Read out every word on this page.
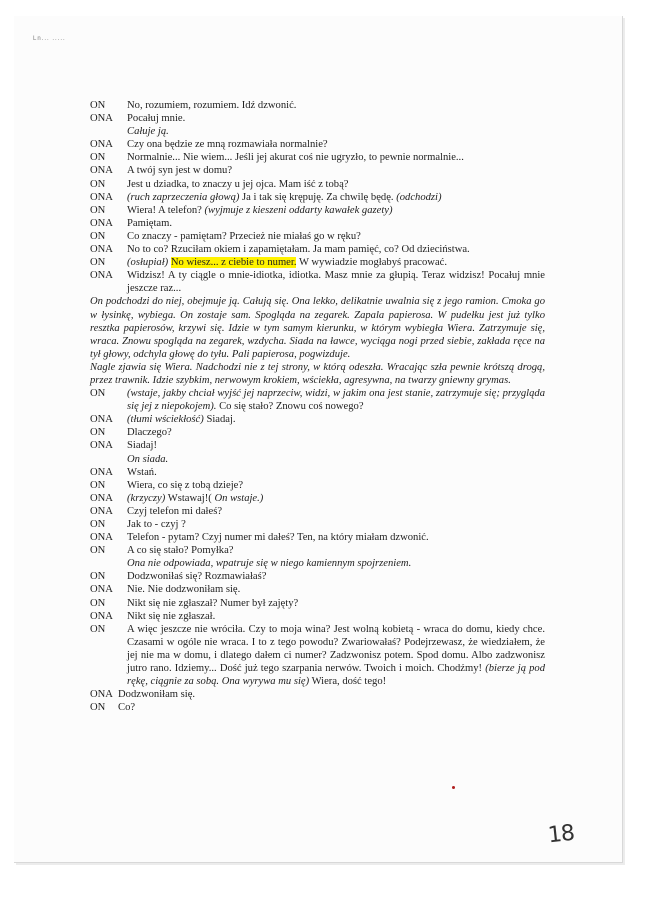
Ln... .....
ON	No, rozumiem, rozumiem. Idź dzwonić.
ONA	Pocałuj mnie.
Całuje ją.
ONA	Czy ona będzie ze mną rozmawiała normalnie?
ON	Normalnie... Nie wiem... Jeśli jej akurat coś nie ugryzło, to pewnie normalnie...
ONA	A twój syn jest w domu?
ON	Jest u dziadka, to znaczy u jej ojca. Mam iść z tobą?
ONA	(ruch zaprzeczenia głową) Ja i tak się krępuję. Za chwilę będę. (odchodzi)
ON	Wiera! A telefon? (wyjmuje z kieszeni oddarty kawałek gazety)
ONA	Pamiętam.
ON	Co znaczy - pamiętam? Przecież nie miałaś go w ręku?
ONA	No to co? Rzuciłam okiem i zapamiętałam. Ja mam pamięć, co? Od dzieciństwa.
ON	(osłupiał) No wiesz... z ciebie to numer. W wywiadzie mogłabyś pracować.
ONA	Widzisz! A ty ciągle o mnie-idiotka, idiotka. Masz mnie za głupią. Teraz widzisz! Pocałuj mnie jeszcze raz...
On podchodzi do niej, obejmuje ją. Całują się. Ona lekko, delikatnie uwalnia się z jego ramion. Cmoka go w łysinkę, wybiega. On zostaje sam. Spogląda na zegarek. Zapala papierosa. W pudełku jest już tylko resztka papierosów, krzywi się. Idzie w tym samym kierunku, w którym wybiegła Wiera. Zatrzymuje się, wraca. Znowu spogląda na zegarek, wzdycha. Siada na ławce, wyciąga nogi przed siebie, zakłada ręce na tył głowy, odchyla głowę do tyłu. Pali papierosa, pogwizduje.
Nagle zjawia się Wiera. Nadchodzi nie z tej strony, w którą odeszła. Wracając szła pewnie krótszą drogą, przez trawnik. Idzie szybkim, nerwowym krokiem, wściekła, agresywna, na twarzy gniewny grymas.
ON	(wstaje, jakby chciał wyjść jej naprzeciw, widzi, w jakim ona jest stanie, zatrzymuje się; przygląda się jej z niepokojem). Co się stało? Znowu coś nowego?
ONA	(tłumi wściekłość) Siadaj.
ON	Dlaczego?
ONA	Siadaj!
On siada.
ONA	Wstań.
ON	Wiera, co się z tobą dzieje?
ONA	(krzyczy) Wstawaj!( On wstaje.)
ONA	Czyj telefon mi dałeś?
ON	Jak to - czyj ?
ONA	Telefon - pytam? Czyj numer mi dałeś? Ten, na który miałam dzwonić.
ON	A co się stało? Pomyłka?
Ona nie odpowiada, wpatruje się w niego kamiennym spojrzeniem.
ON	Dodzwoniłaś się? Rozmawiałaś?
ONA	Nie. Nie dodzwoniłam się.
ON	Nikt się nie zgłaszał? Numer był zajęty?
ONA	Nikt się nie zgłaszał.
ON	A więc jeszcze nie wróciła. Czy to moja wina? Jest wolną kobietą - wraca do domu, kiedy chce. Czasami w ogóle nie wraca. I to z tego powodu? Zwariowałaś? Podejrzewasz, że wiedziałem, że jej nie ma w domu, i dlatego dałem ci numer? Zadzwonisz potem. Spod domu. Albo zadzwonisz jutro rano. Idziemy... Dość już tego szarpania nerwów. Twoich i moich. Chodźmy! (bierze ją pod rękę, ciągnie za sobą. Ona wyrywa mu się) Wiera, dość tego!
ONA Dodzwoniłam się.
ON	Co?
18
